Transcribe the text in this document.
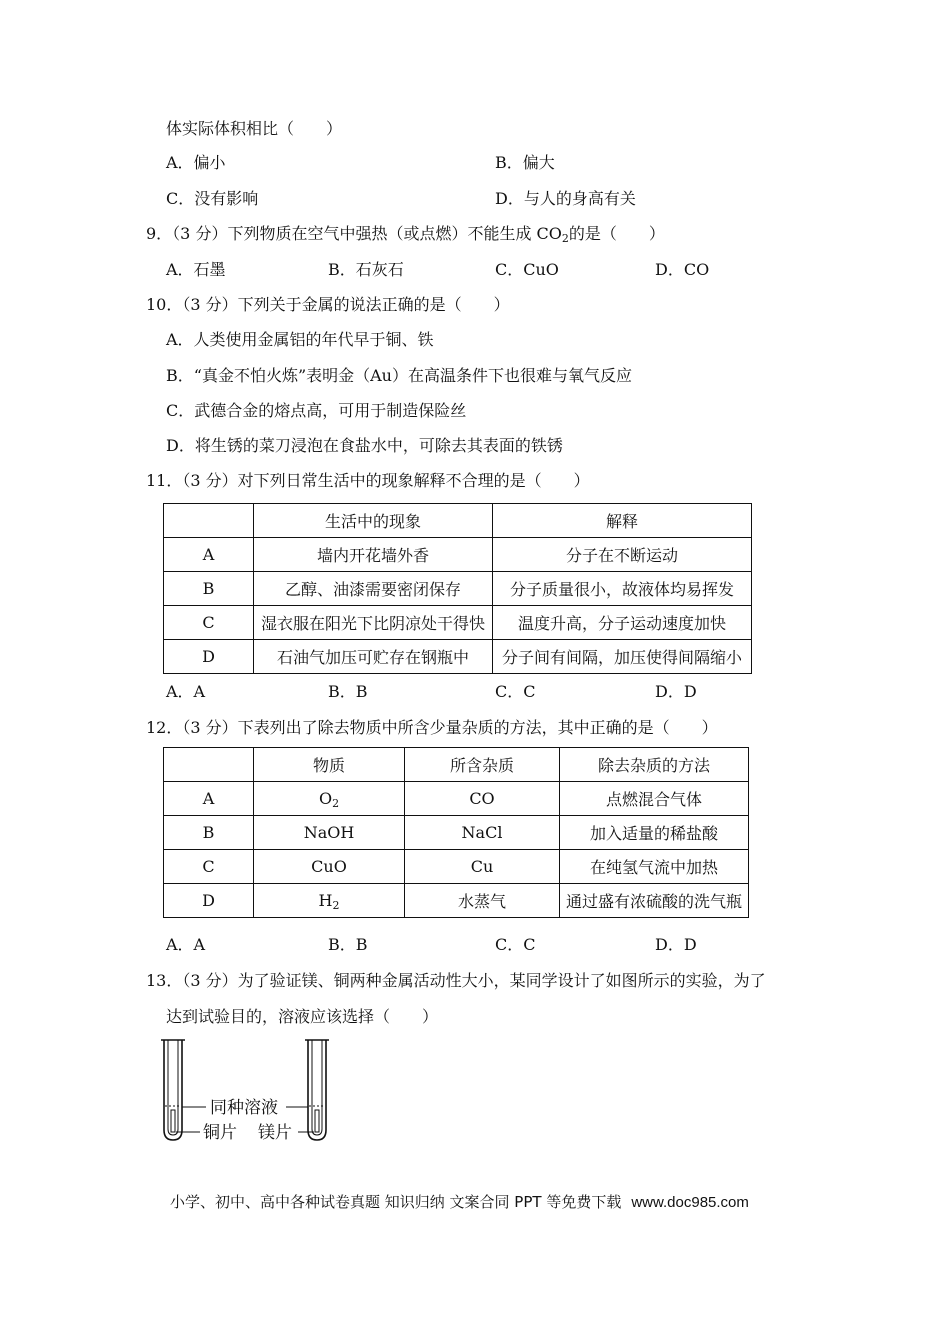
体实际体积相比（　　）
A．偏小	B．偏大
C．没有影响	D．与人的身高有关
9．（3 分）下列物质在空气中强热（或点燃）不能生成 $CO_2$的是（　　）
A．石墨	B．石灰石	C．CuO	D．CO
10．（3 分）下列关于金属的说法正确的是（　　）
A．人类使用金属铝的年代早于铜、铁
B．“真金不怕火炼”表明金（Au）在高温条件下也很难与氧气反应
C．武德合金的熔点高，可用于制造保险丝
D．将生锈的菜刀浸泡在食盐水中，可除去其表面的铁锈
11．（3 分）对下列日常生活中的现象解释不合理的是（　　）
	生活中的现象	解释
A	墙内开花墙外香	分子在不断运动
B	乙醇、油漆需要密闭保存	分子质量很小，故液体均易挥发
C	湿衣服在阳光下比阴凉处干得快	温度升高，分子运动速度加快
D	石油气加压可贮存在钢瓶中	分子间有间隔，加压使得间隔缩小
A．A	B．B	C．C	D．D
12．（3 分）下表列出了除去物质中所含少量杂质的方法，其中正确的是（　　）
	物质	所含杂质	除去杂质的方法
A	$O_2$	CO	点燃混合气体
B	NaOH	NaCl	加入适量的稀盐酸
C	CuO	Cu	在纯氢气流中加热
D	$H_2$	水蒸气	通过盛有浓硫酸的洗气瓶
A．A	B．B	C．C	D．D
13．（3 分）为了验证镁、铜两种金属活动性大小，某同学设计了如图所示的实验，为了
达到试验目的，溶液应该选择（　　）
同种溶液
铜片 镁片
小学、初中、高中各种试卷真题 知识归纳 文案合同 PPT 等免费下载 www.doc985.com
